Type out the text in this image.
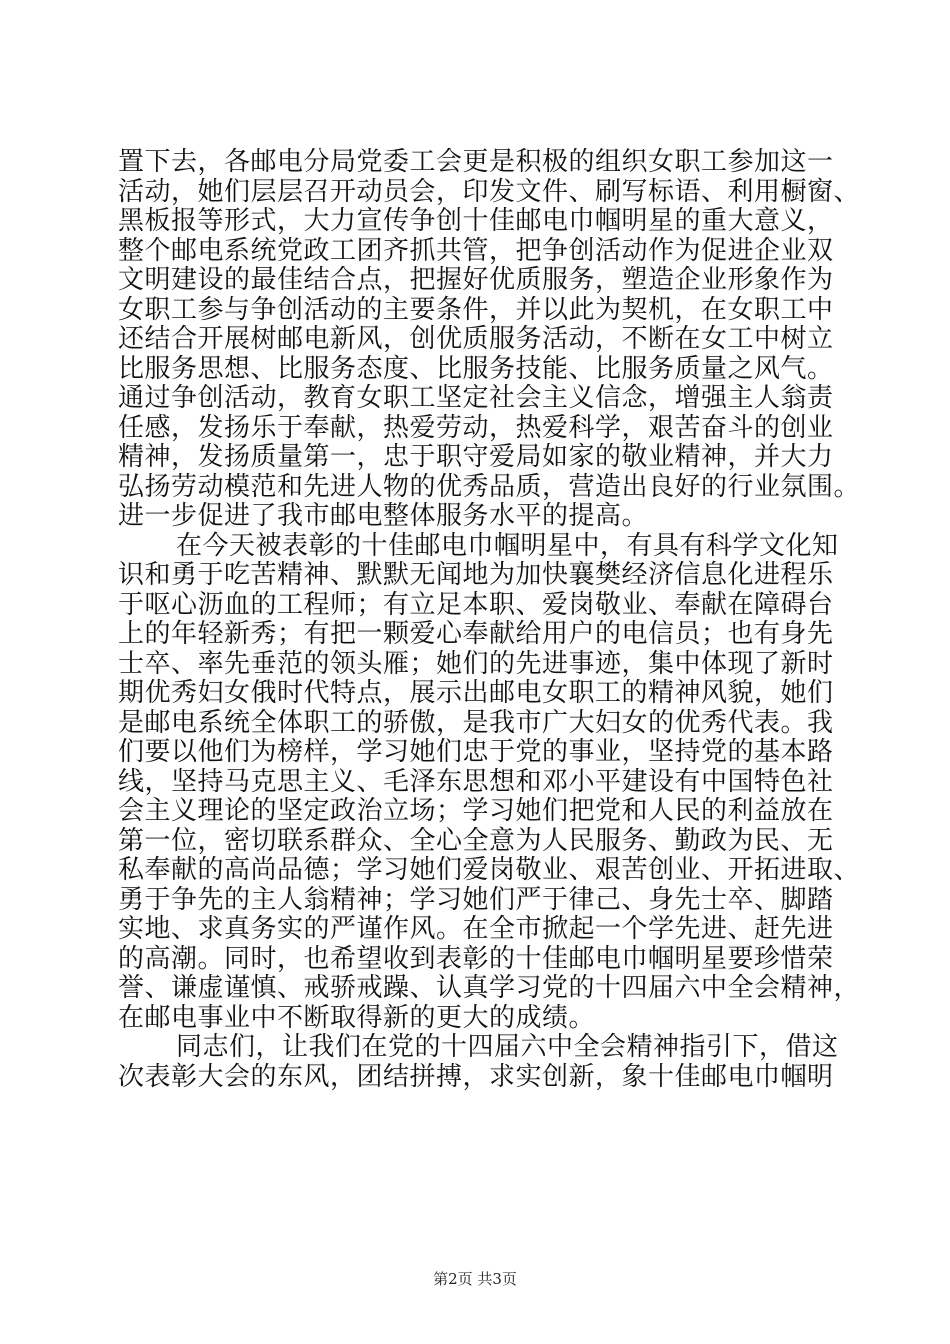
置下去，各邮电分局党委工会更是积极的组织女职工参加这一
活动，她们层层召开动员会，印发文件、刷写标语、利用橱窗、
黑板报等形式，大力宣传争创十佳邮电巾帼明星的重大意义，
整个邮电系统党政工团齐抓共管，把争创活动作为促进企业双
文明建设的最佳结合点，把握好优质服务，塑造企业形象作为
女职工参与争创活动的主要条件，并以此为契机，在女职工中
还结合开展树邮电新风，创优质服务活动，不断在女工中树立
比服务思想、比服务态度、比服务技能、比服务质量之风气。
通过争创活动，教育女职工坚定社会主义信念，增强主人翁责
任感，发扬乐于奉献，热爱劳动，热爱科学，艰苦奋斗的创业
精神，发扬质量第一，忠于职守爱局如家的敬业精神，并大力
弘扬劳动模范和先进人物的优秀品质，营造出良好的行业氛围。
进一步促进了我市邮电整体服务水平的提高。
在今天被表彰的十佳邮电巾帼明星中，有具有科学文化知
识和勇于吃苦精神、默默无闻地为加快襄樊经济信息化进程乐
于呕心沥血的工程师；有立足本职、爱岗敬业、奉献在障碍台
上的年轻新秀；有把一颗爱心奉献给用户的电信员；也有身先
士卒、率先垂范的领头雁；她们的先进事迹，集中体现了新时
期优秀妇女俄时代特点，展示出邮电女职工的精神风貌，她们
是邮电系统全体职工的骄傲，是我市广大妇女的优秀代表。我
们要以他们为榜样，学习她们忠于党的事业，坚持党的基本路
线，坚持马克思主义、毛泽东思想和邓小平建设有中国特色社
会主义理论的坚定政治立场；学习她们把党和人民的利益放在
第一位，密切联系群众、全心全意为人民服务、勤政为民、无
私奉献的高尚品德；学习她们爱岗敬业、艰苦创业、开拓进取、
勇于争先的主人翁精神；学习她们严于律己、身先士卒、脚踏
实地、求真务实的严谨作风。在全市掀起一个学先进、赶先进
的高潮。同时，也希望收到表彰的十佳邮电巾帼明星要珍惜荣
誉、谦虚谨慎、戒骄戒躁、认真学习党的十四届六中全会精神，
在邮电事业中不断取得新的更大的成绩。
同志们，让我们在党的十四届六中全会精神指引下，借这
次表彰大会的东风，团结拼搏，求实创新，象十佳邮电巾帼明
第2页 共3页
